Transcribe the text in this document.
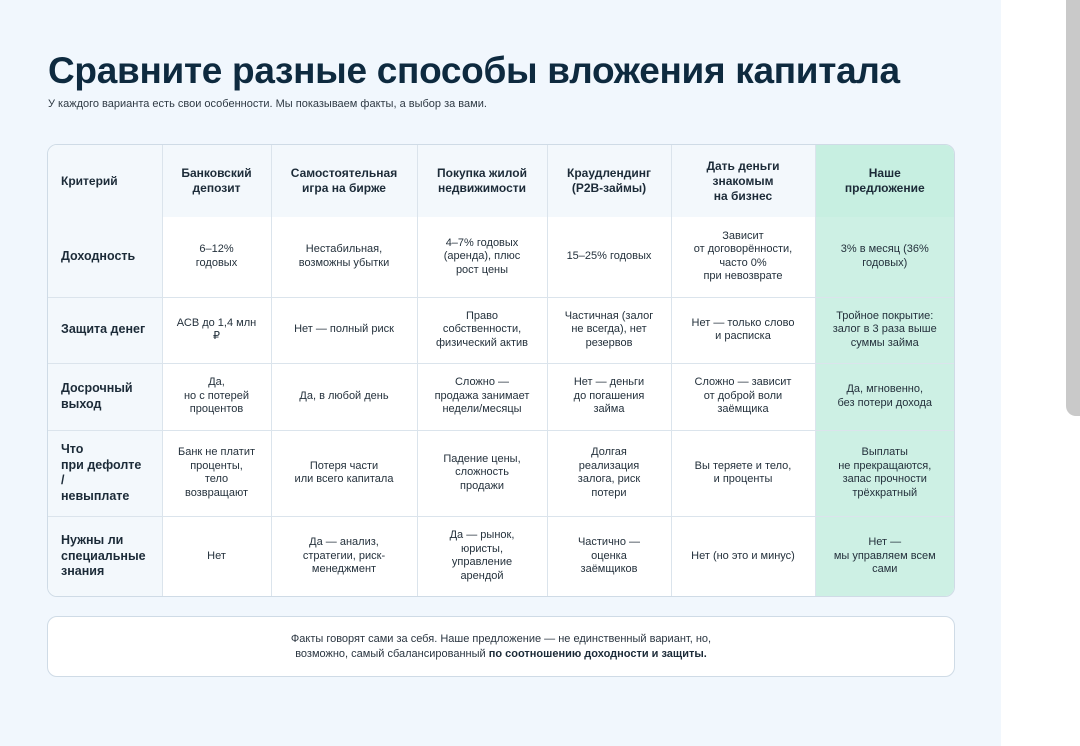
Сравните разные способы вложения капитала

У каждого варианта есть свои особенности. Мы показываем факты, а выбор за вами.

Критерий	Банковский
депозит	Самостоятельная
игра на бирже	Покупка жилой
недвижимости	Краудлендинг
(P2B-займы)	Дать деньги
знакомым
на бизнес	Наше
предложение
Доходность	6–12%
годовых	Нестабильная,
возможны убытки	4–7% годовых
(аренда), плюс
рост цены	15–25% годовых	Зависит
от договорённости,
часто 0%
при невозврате	3% в месяц (36%
годовых)
Защита денег	АСВ до 1,4 млн
₽	Нет — полный риск	Право
собственности,
физический актив	Частичная (залог
не всегда), нет
резервов	Нет — только слово
и расписка	Тройное покрытие:
залог в 3 раза выше
суммы займа
Досрочный
выход	Да,
но с потерей
процентов	Да, в любой день	Сложно —
продажа занимает
недели/месяцы	Нет — деньги
до погашения
займа	Сложно — зависит
от доброй воли
заёмщика	Да, мгновенно,
без потери дохода
Что
при дефолте
/
невыплате	Банк не платит
проценты,
тело
возвращают	Потеря части
или всего капитала	Падение цены,
сложность
продажи	Долгая
реализация
залога, риск
потери	Вы теряете и тело,
и проценты	Выплаты
не прекращаются,
запас прочности
трёхкратный
Нужны ли
специальные
знания	Нет	Да — анализ,
стратегии, риск-
менеджмент	Да — рынок,
юристы,
управление
арендой	Частично —
оценка
заёмщиков	Нет (но это и минус)	Нет —
мы управляем всем
сами
Факты говорят сами за себя. Наше предложение — не единственный вариант, но,
возможно, самый сбалансированный по соотношению доходности и защиты.
